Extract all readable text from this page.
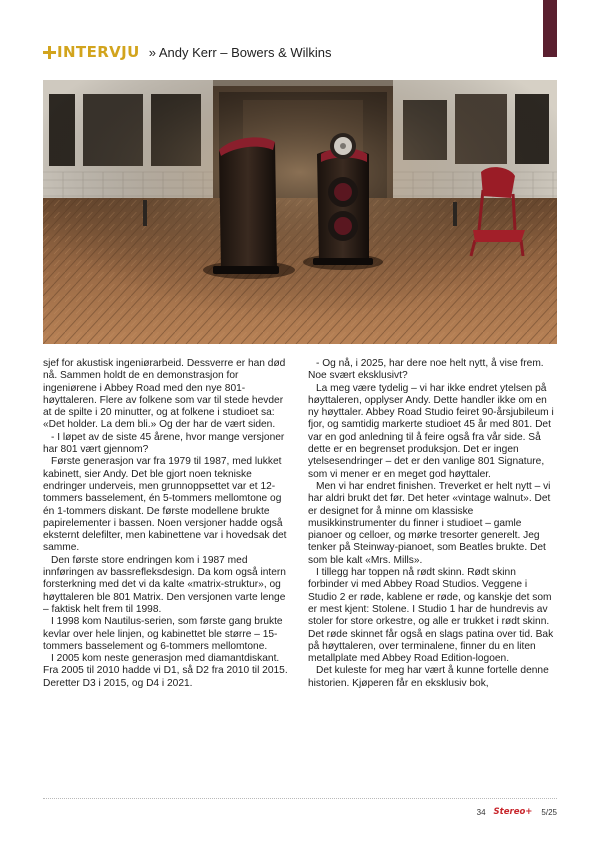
INTERVJU » Andy Kerr – Bowers & Wilkins

sjef for akustisk ingeniørarbeid. Dessverre er han død nå. Sammen holdt de en demonstrasjon for ingeniørene i Abbey Road med den nye 801-høyttaleren. Flere av folkene som var til stede hevder at de spilte i 20 minutter, og at folkene i studioet sa: «Det holder. La dem bli.» Og der har de vært siden.

- I løpet av de siste 45 årene, hvor mange versjoner har 801 vært gjennom?

Første generasjon var fra 1979 til 1987, med lukket kabinett, sier Andy. Det ble gjort noen tekniske endringer underveis, men grunnoppsettet var et 12-tommers basselement, én 5-tommers mellomtone og én 1-tommers diskant. De første modellene brukte papirelementer i bassen. Noen versjoner hadde også eksternt delefilter, men kabinettene var i hovedsak det samme.

Den første store endringen kom i 1987 med innføringen av bassrefleksdesign. Da kom også intern forsterkning med det vi da kalte «matrix-struktur», og høyttaleren ble 801 Matrix. Den versjonen varte lenge – faktisk helt frem til 1998.

I 1998 kom Nautilus-serien, som første gang brukte kevlar over hele linjen, og kabinettet ble større – 15-tommers basselement og 6-tommers mellomtone.

I 2005 kom neste generasjon med diamantdiskant. Fra 2005 til 2010 hadde vi D1, så D2 fra 2010 til 2015. Deretter D3 i 2015, og D4 i 2021.

- Og nå, i 2025, har dere noe helt nytt, å vise frem. Noe svært eksklusivt?

La meg være tydelig – vi har ikke endret ytelsen på høyttaleren, opplyser Andy. Dette handler ikke om en ny høyttaler. Abbey Road Studio feiret 90-årsjubileum i fjor, og samtidig markerte studioet 45 år med 801. Det var en god anledning til å feire også fra vår side. Så dette er en begrenset produksjon. Det er ingen ytelsesendringer – det er den vanlige 801 Signature, som vi mener er en meget god høyttaler.

Men vi har endret finishen. Treverket er helt nytt – vi har aldri brukt det før. Det heter «vintage walnut». Det er designet for å minne om klassiske musikkinstrumenter du finner i studioet – gamle pianoer og celloer, og mørke tresorter generelt. Jeg tenker på Steinway-pianoet, som Beatles brukte. Det som ble kalt «Mrs. Mills».

I tillegg har toppen nå rødt skinn. Rødt skinn forbinder vi med Abbey Road Studios. Veggene i Studio 2 er røde, kablene er røde, og kanskje det som er mest kjent: Stolene. I Studio 1 har de hundrevis av stoler for store orkestre, og alle er trukket i rødt skinn. Det røde skinnet får også en slags patina over tid. Bak på høyttaleren, over terminalene, finner du en liten metallplate med Abbey Road Edition-logoen.

Det kuleste for meg har vært å kunne fortelle denne historien. Kjøperen får en eksklusiv bok,

34 Stereo+ 5/25
